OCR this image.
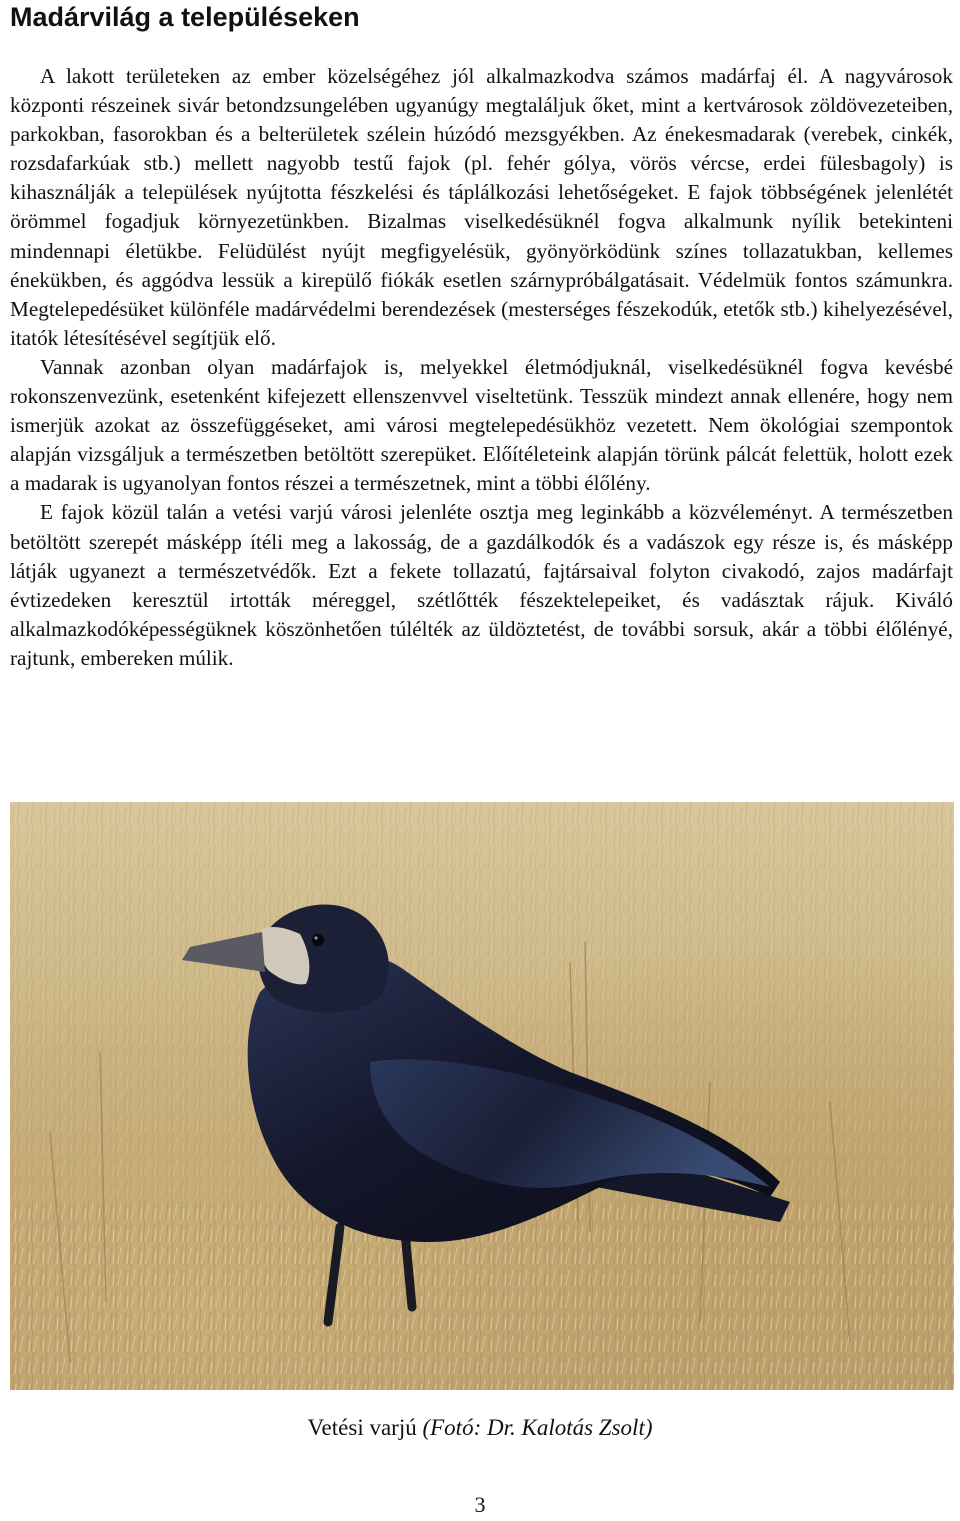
Madárvilág a településeken

A lakott területeken az ember közelségéhez jól alkalmazkodva számos madárfaj él. A nagyvárosok központi részeinek sivár betondzsungelében ugyanúgy megtaláljuk őket, mint a kertvárosok zöldövezeteiben, parkokban, fasorokban és a belterületek szélein húzódó mezsgyékben. Az énekesmadarak (verebek, cinkék, rozsdafarkúak stb.) mellett nagyobb testű fajok (pl. fehér gólya, vörös vércse, erdei fülesbagoly) is kihasználják a települések nyújtotta fészkelési és táplálkozási lehetőségeket. E fajok többségének jelenlétét örömmel fogadjuk környezetünkben. Bizalmas viselkedésüknél fogva alkalmunk nyílik betekinteni mindennapi életükbe. Felüdülést nyújt megfigyelésük, gyönyörködünk színes tollazatukban, kellemes énekükben, és aggódva lessük a kirepülő fiókák esetlen szárnypróbálgatásait. Védelmük fontos számunkra. Megtelepedésüket különféle madárvédelmi berendezések (mesterséges fészekodúk, etetők stb.) kihelyezésével, itatók létesítésével segítjük elő.

Vannak azonban olyan madárfajok is, melyekkel életmódjuknál, viselkedésüknél fogva kevésbé rokonszenvezünk, esetenként kifejezett ellenszenvvel viseltetünk. Tesszük mindezt annak ellenére, hogy nem ismerjük azokat az összefüggéseket, ami városi megtelepedésükhöz vezetett. Nem ökológiai szempontok alapján vizsgáljuk a természetben betöltött szerepüket. Előítéleteink alapján törünk pálcát felettük, holott ezek a madarak is ugyanolyan fontos részei a természetnek, mint a többi élőlény.

E fajok közül talán a vetési varjú városi jelenléte osztja meg leginkább a közvéleményt. A természetben betöltött szerepét másképp ítéli meg a lakosság, de a gazdálkodók és a vadászok egy része is, és másképp látják ugyanezt a természetvédők. Ezt a fekete tollazatú, fajtársaival folyton civakodó, zajos madárfajt évtizedeken keresztül irtották méreggel, szétlőtték fészektelepeiket, és vadásztak rájuk. Kiváló alkalmazkodóképességüknek köszönhetően túlélték az üldöztetést, de további sorsuk, akár a többi élőlényé, rajtunk, embereken múlik.

Vetési varjú (Fotó: Dr. Kalotás Zsolt)
3
